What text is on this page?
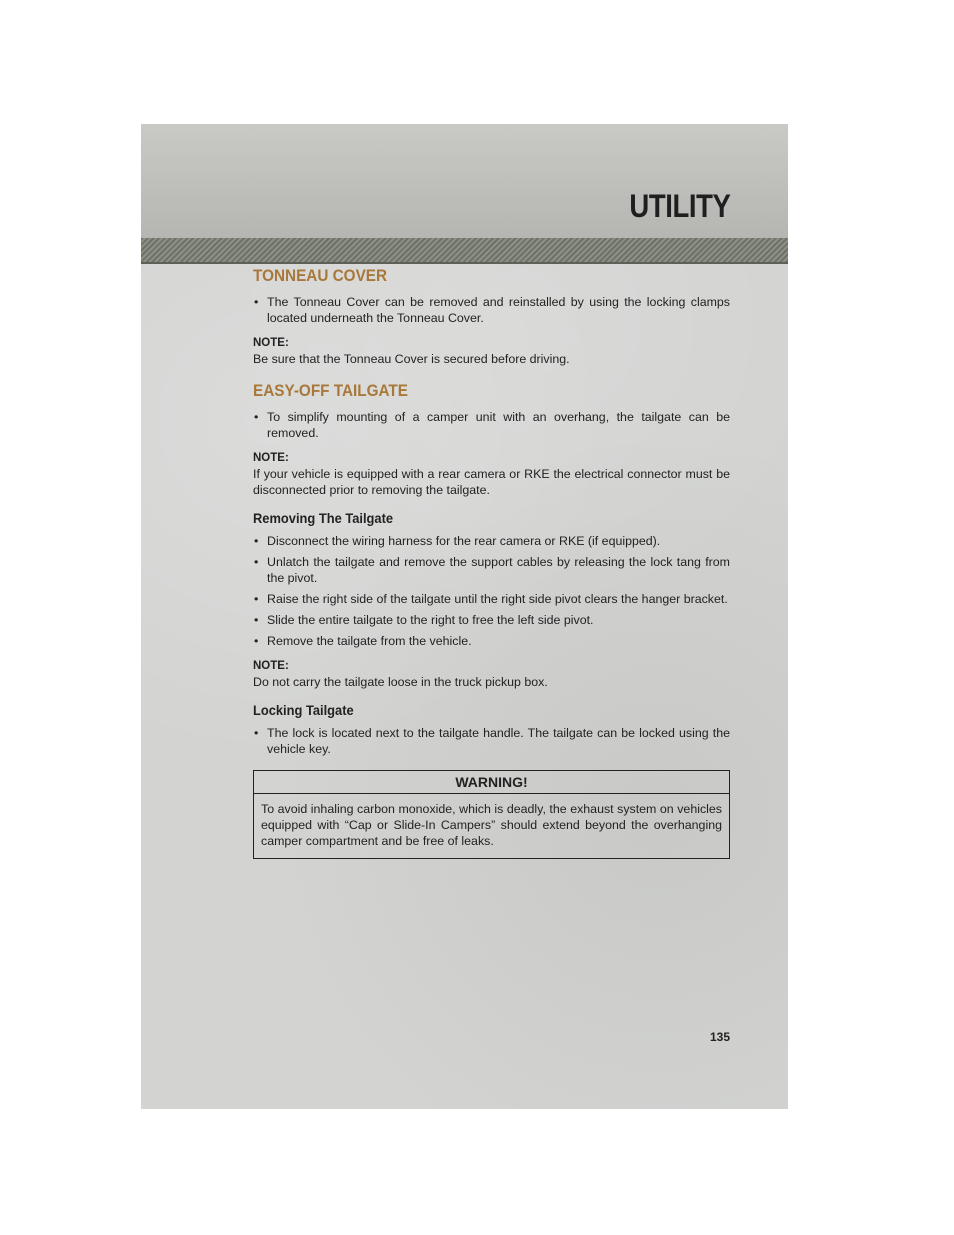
UTILITY
TONNEAU COVER
• The Tonneau Cover can be removed and reinstalled by using the locking clamps located underneath the Tonneau Cover.
NOTE:
Be sure that the Tonneau Cover is secured before driving.
EASY-OFF TAILGATE
• To simplify mounting of a camper unit with an overhang, the tailgate can be removed.
NOTE:
If your vehicle is equipped with a rear camera or RKE the electrical connector must be disconnected prior to removing the tailgate.
Removing The Tailgate
• Disconnect the wiring harness for the rear camera or RKE (if equipped).
• Unlatch the tailgate and remove the support cables by releasing the lock tang from the pivot.
• Raise the right side of the tailgate until the right side pivot clears the hanger bracket.
• Slide the entire tailgate to the right to free the left side pivot.
• Remove the tailgate from the vehicle.
NOTE:
Do not carry the tailgate loose in the truck pickup box.
Locking Tailgate
• The lock is located next to the tailgate handle. The tailgate can be locked using the vehicle key.
WARNING!
To avoid inhaling carbon monoxide, which is deadly, the exhaust system on vehicles equipped with “Cap or Slide-In Campers” should extend beyond the overhanging camper compartment and be free of leaks.
135
